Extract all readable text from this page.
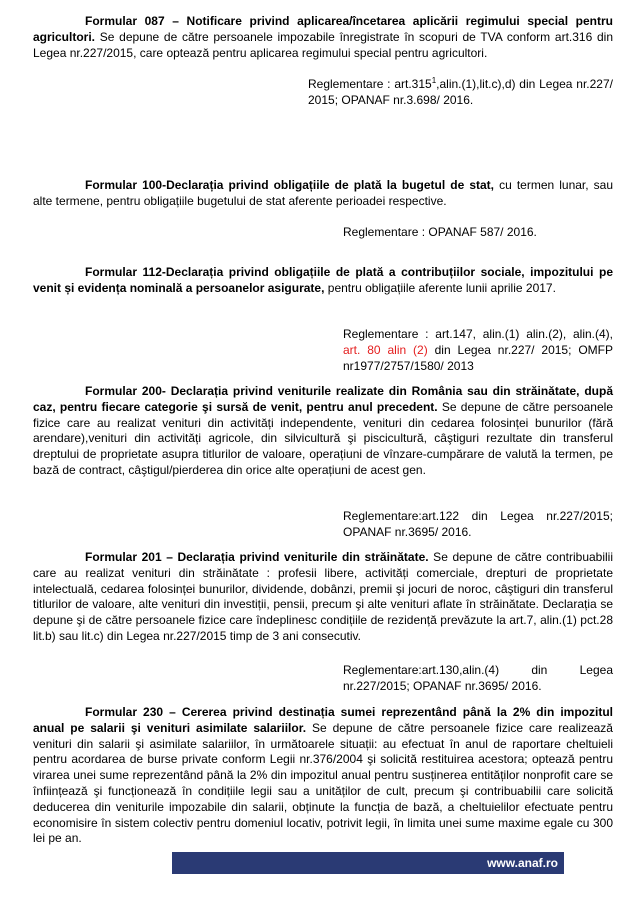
Formular 087 – Notificare privind aplicarea/încetarea aplicării regimului special pentru agricultori. Se depune de către persoanele impozabile înregistrate în scopuri de TVA conform art.316 din Legea nr.227/2015, care optează pentru aplicarea regimului special pentru agricultori.

Reglementare : art.315$^1$,alin.(1),lit.c),d) din Legea nr.227/ 2015; OPANAF nr.3.698/ 2016.

Formular 100-Declarația privind obligațiile de plată la bugetul de stat, cu termen lunar, sau alte termene, pentru obligațiile bugetului de stat aferente perioadei respective.

Reglementare : OPANAF 587/ 2016.

Formular 112-Declarația privind obligațiile de plată a contribuțiilor sociale, impozitului pe venit și evidența nominală a persoanelor asigurate, pentru obligațiile aferente lunii aprilie 2017.

Reglementare : art.147, alin.(1) alin.(2), alin.(4), art. 80 alin (2) din Legea nr.227/ 2015; OMFP nr1977/2757/1580/ 2013

Formular 200- Declarația privind veniturile realizate din România sau din străinătate, după caz, pentru fiecare categorie şi sursă de venit, pentru anul precedent. Se depune de către persoanele fizice care au realizat venituri din activități independente, venituri din cedarea folosinței bunurilor (fără arendare),venituri din activități agricole, din silvicultură şi piscicultură, câştiguri rezultate din transferul dreptului de proprietate asupra titlurilor de valoare, operațiuni de vînzare-cumpărare de valută la termen, pe bază de contract, câştigul/pierderea din orice alte operațiuni de acest gen.

Reglementare:art.122 din Legea nr.227/2015; OPANAF nr.3695/ 2016.

Formular 201 – Declarația privind veniturile din străinătate. Se depune de către contribuabilii care au realizat venituri din străinătate : profesii libere, activități comerciale, drepturi de proprietate intelectuală, cedarea folosinței bunurilor, dividende, dobânzi, premii şi jocuri de noroc, câştiguri din transferul titlurilor de valoare, alte venituri din investiții, pensii, precum şi alte venituri aflate în străinătate. Declarația se depune şi de către persoanele fizice care îndeplinesc condițiile de rezidență prevăzute la art.7, alin.(1) pct.28 lit.b) sau lit.c) din Legea nr.227/2015 timp de 3 ani consecutiv.

Reglementare:art.130,alin.(4) din Legea nr.227/2015; OPANAF nr.3695/ 2016.

Formular 230 – Cererea privind destinația sumei reprezentând până la 2% din impozitul anual pe salarii şi venituri asimilate salariilor. Se depune de către persoanele fizice care realizează venituri din salarii şi asimilate salariilor, în următoarele situații: au efectuat în anul de raportare cheltuieli pentru acordarea de burse private conform Legii nr.376/2004 şi solicită restituirea acestora; optează pentru virarea unei sume reprezentând până la 2% din impozitul anual pentru susținerea entităților nonprofit care se înființează şi funcționează în condițiile legii sau a unităților de cult, precum şi contribuabilii care solicită deducerea din veniturile impozabile din salarii, obținute la funcția de bază, a cheltuielilor efectuate pentru economisire în sistem colectiv pentru domeniul locativ, potrivit legii, în limita unei sume maxime egale cu 300 lei pe an.

www.anaf.ro
